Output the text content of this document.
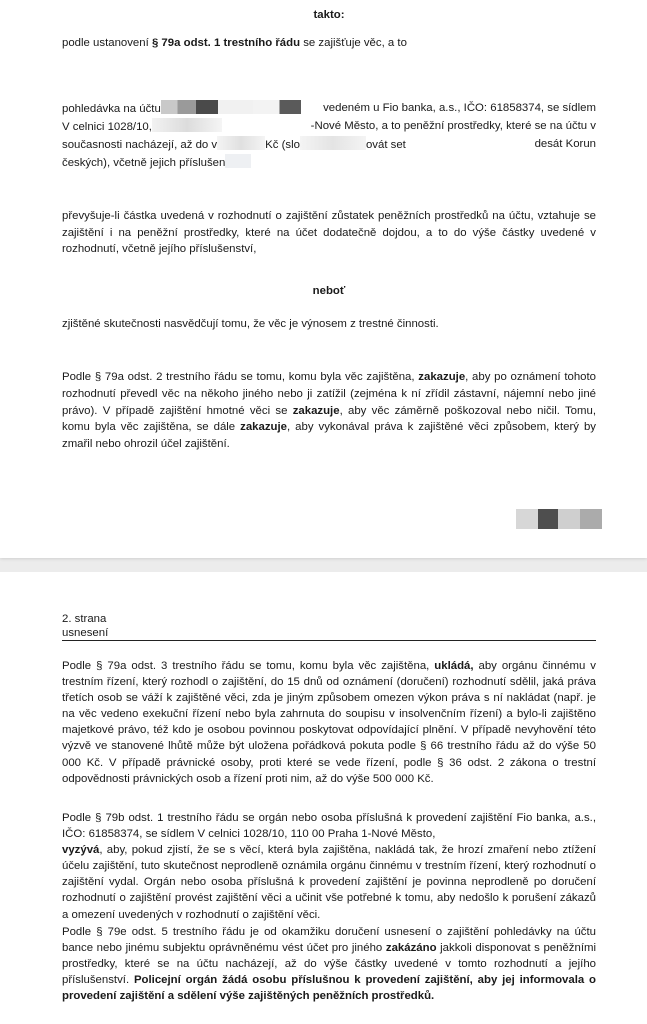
takto:
podle ustanovení § 79a odst. 1 trestního řádu se zajišťuje věc, a to
pohledávka na účtu	vedeném u Fio banka, a.s., IČO: 61858374, se sídlem
V celnici 1028/10,	-Nové Město, a to peněžní prostředky, které se na účtu v
současnosti nacházejí, až do v	Kč (slo	ovát set	desát Korun
českých), včetně jejich příslušen
převyšuje-li částka uvedená v rozhodnutí o zajištění zůstatek peněžních prostředků na účtu, vztahuje se zajištění i na peněžní prostředky, které na účet dodatečně dojdou, a to do výše částky uvedené v rozhodnutí, včetně jejího příslušenství,
neboť
zjištěné skutečnosti nasvědčují tomu, že věc je výnosem z trestné činnosti.
Podle § 79a odst. 2 trestního řádu se tomu, komu byla věc zajištěna, zakazuje, aby po oznámení tohoto rozhodnutí převedl věc na někoho jiného nebo ji zatížil (zejména k ní zřídil zástavní, nájemní nebo jiné právo). V případě zajištění hmotné věci se zakazuje, aby věc záměrně poškozoval nebo ničil. Tomu, komu byla věc zajištěna, se dále zakazuje, aby vykonával práva k zajištěné věci způsobem, který by zmařil nebo ohrozil účel zajištění.
2. strana
usnesení
Podle § 79a odst. 3 trestního řádu se tomu, komu byla věc zajištěna, ukládá, aby orgánu činnému v trestním řízení, který rozhodl o zajištění, do 15 dnů od oznámení (doručení) rozhodnutí sdělil, jaká práva třetích osob se váží k zajištěné věci, zda je jiným způsobem omezen výkon práva s ní nakládat (např. je na věc vedeno exekuční řízení nebo byla zahrnuta do soupisu v insolvenčním řízení) a bylo-li zajištěno majetkové právo, též kdo je osobou povinnou poskytovat odpovídající plnění. V případě nevyhovění této výzvě ve stanovené lhůtě může být uložena pořádková pokuta podle § 66 trestního řádu až do výše 50 000 Kč. V případě právnické osoby, proti které se vede řízení, podle § 36 odst. 2 zákona o trestní odpovědnosti právnických osob a řízení proti nim, až do výše 500 000 Kč.
Podle § 79b odst. 1 trestního řádu se orgán nebo osoba příslušná k provedení zajištění Fio banka, a.s., IČO: 61858374, se sídlem V celnici 1028/10, 110 00 Praha 1-Nové Město,
vyzývá, aby, pokud zjistí, že se s věcí, která byla zajištěna, nakládá tak, že hrozí zmaření nebo ztížení účelu zajištění, tuto skutečnost neprodleně oznámila orgánu činnému v trestním řízení, který rozhodnutí o zajištění vydal. Orgán nebo osoba příslušná k provedení zajištění je povinna neprodleně po doručení rozhodnutí o zajištění provést zajištění věci a učinit vše potřebné k tomu, aby nedošlo k porušení zákazů a omezení uvedených v rozhodnutí o zajištění věci.
Podle § 79e odst. 5 trestního řádu je od okamžiku doručení usnesení o zajištění pohledávky na účtu bance nebo jinému subjektu oprávněnému vést účet pro jiného zakázáno jakkoli disponovat s peněžními prostředky, které se na účtu nacházejí, až do výše částky uvedené v tomto rozhodnutí a jejího příslušenství. Policejní orgán žádá osobu příslušnou k provedení zajištění, aby jej informovala o provedení zajištění a sdělení výše zajištěných peněžních prostředků.
